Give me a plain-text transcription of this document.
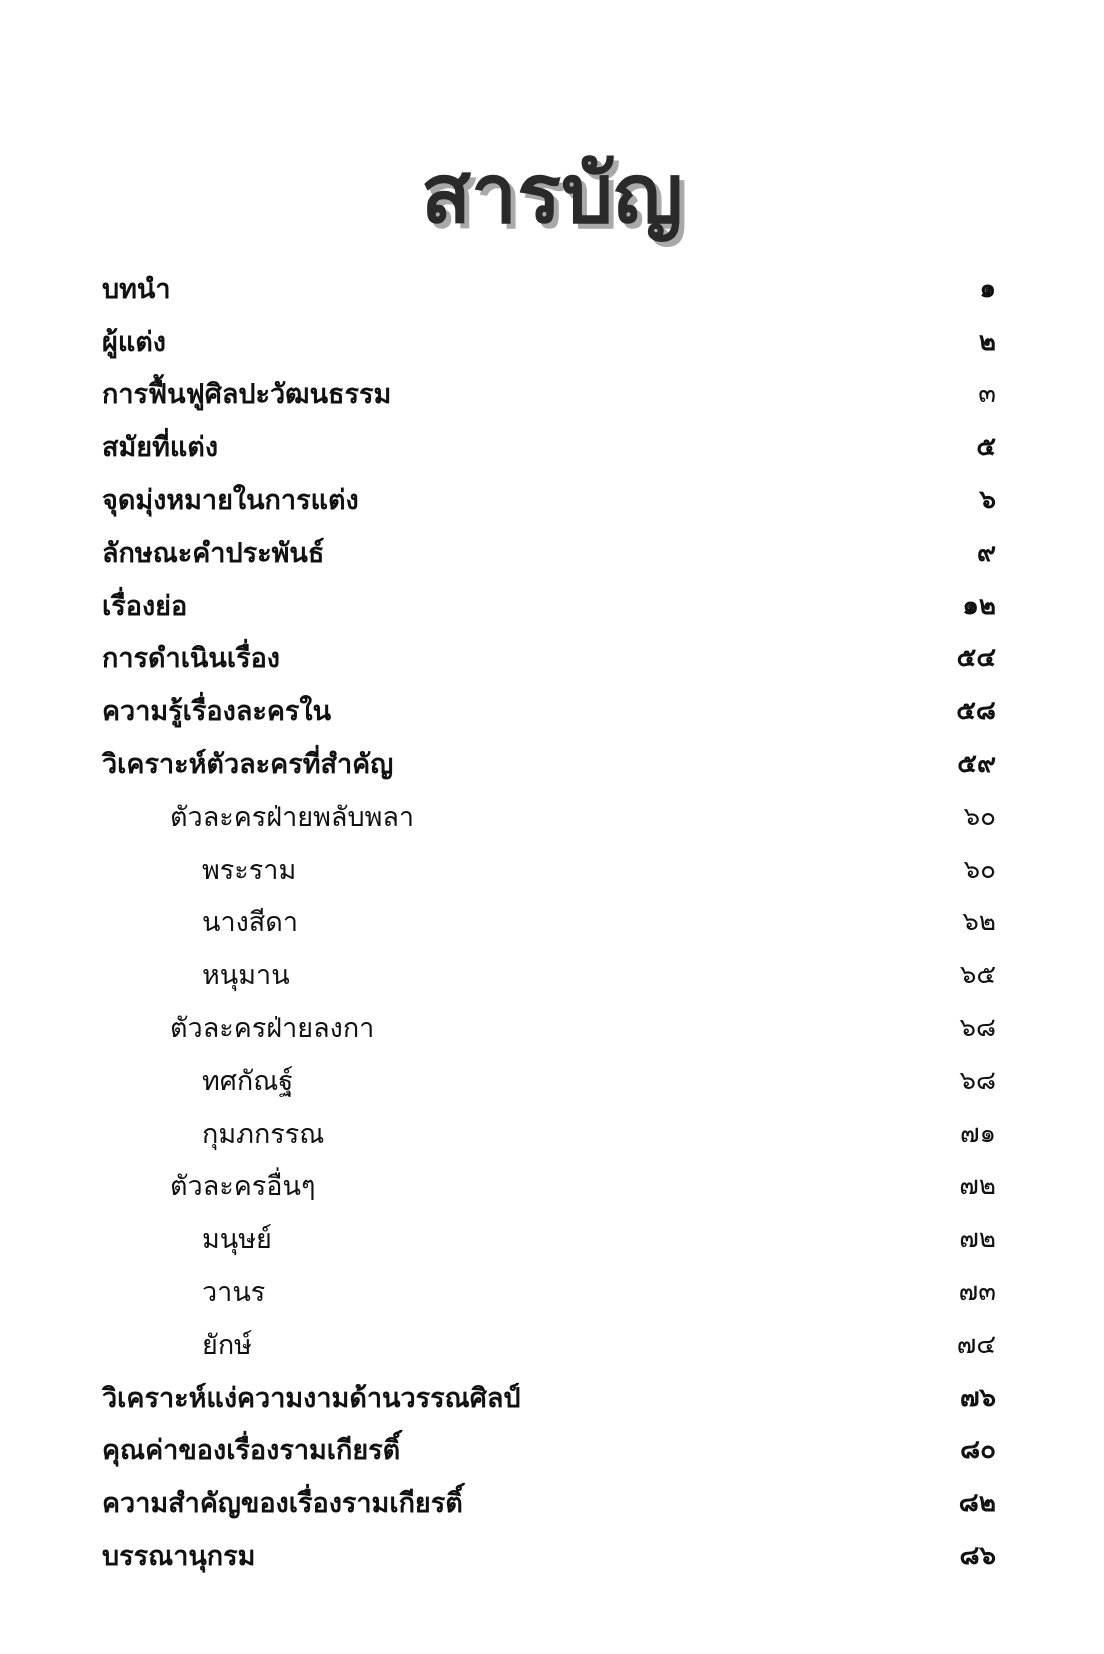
สารบัญ
บทนำ	๑
ผู้แต่ง	๒
การฟื้นฟูศิลปะวัฒนธรรม	๓
สมัยที่แต่ง	๕
จุดมุ่งหมายในการแต่ง	๖
ลักษณะคำประพันธ์	๙
เรื่องย่อ	๑๒
การดำเนินเรื่อง	๕๔
ความรู้เรื่องละครใน	๕๘
วิเคราะห์ตัวละครที่สำคัญ	๕๙
ตัวละครฝ่ายพลับพลา	๖๐
พระราม	๖๐
นางสีดา	๖๒
หนุมาน	๖๕
ตัวละครฝ่ายลงกา	๖๘
ทศกัณฐ์	๖๘
กุมภกรรณ	๗๑
ตัวละครอื่นๆ	๗๒
มนุษย์	๗๒
วานร	๗๓
ยักษ์	๗๔
วิเคราะห์แง่ความงามด้านวรรณศิลป์	๗๖
คุณค่าของเรื่องรามเกียรติ์	๘๐
ความสำคัญของเรื่องรามเกียรติ์	๘๒
บรรณานุกรม	๘๖
